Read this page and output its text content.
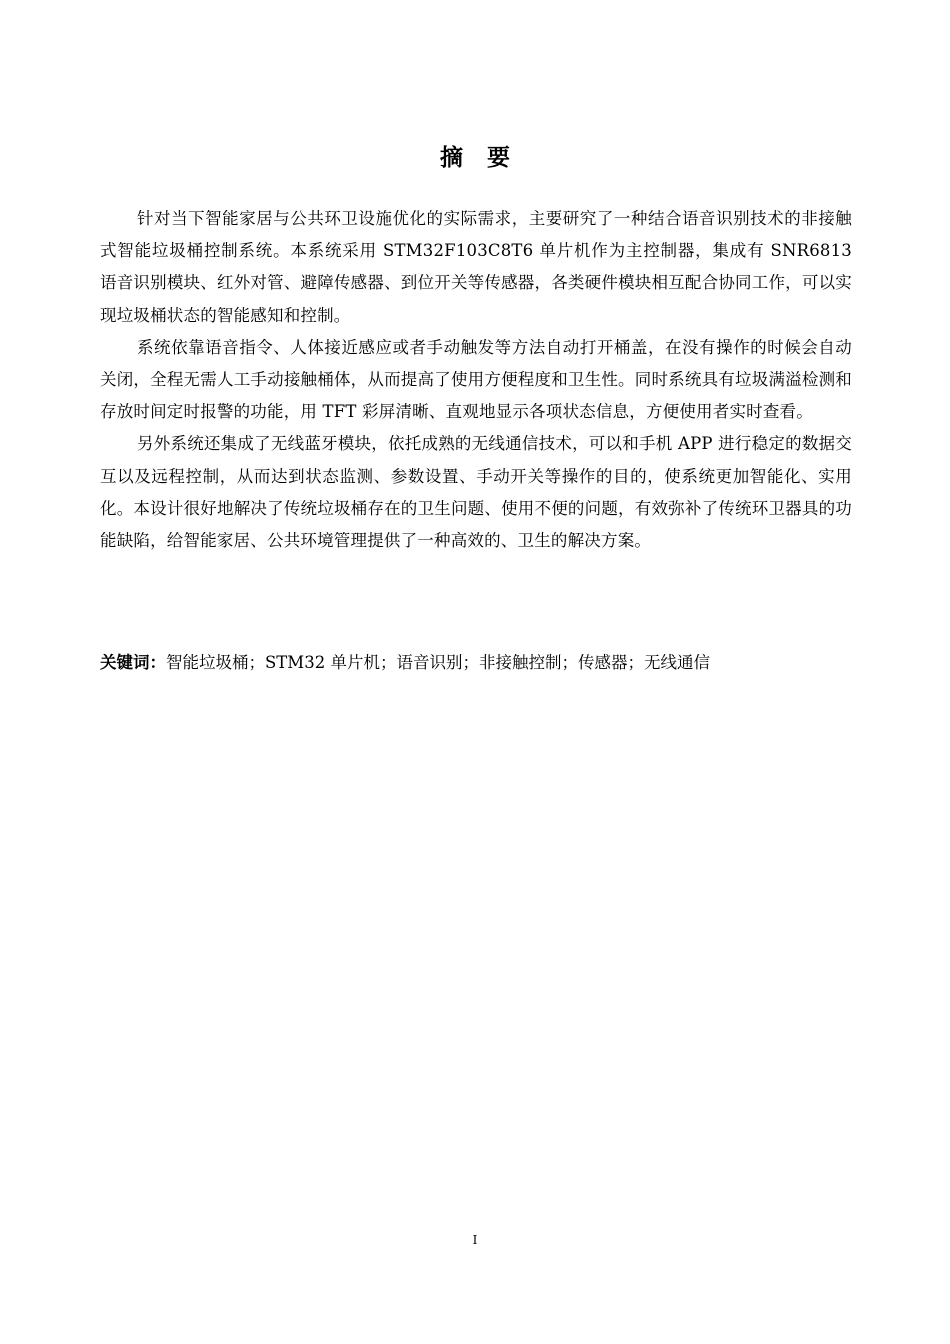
摘要

针对当下智能家居与公共环卫设施优化的实际需求，主要研究了一种结合语音识别技术的非接触式智能垃圾桶控制系统。本系统采用 STM32F103C8T6 单片机作为主控制器，集成有 SNR6813 语音识别模块、红外对管、避障传感器、到位开关等传感器，各类硬件模块相互配合协同工作，可以实现垃圾桶状态的智能感知和控制。

系统依靠语音指令、人体接近感应或者手动触发等方法自动打开桶盖，在没有操作的时候会自动关闭，全程无需人工手动接触桶体，从而提高了使用方便程度和卫生性。同时系统具有垃圾满溢检测和存放时间定时报警的功能，用 TFT 彩屏清晰、直观地显示各项状态信息，方便使用者实时查看。

另外系统还集成了无线蓝牙模块，依托成熟的无线通信技术，可以和手机 APP 进行稳定的数据交互以及远程控制，从而达到状态监测、参数设置、手动开关等操作的目的，使系统更加智能化、实用化。本设计很好地解决了传统垃圾桶存在的卫生问题、使用不便的问题，有效弥补了传统环卫器具的功能缺陷，给智能家居、公共环境管理提供了一种高效的、卫生的解决方案。

关键词：智能垃圾桶；STM32 单片机；语音识别；非接触控制；传感器；无线通信
I
